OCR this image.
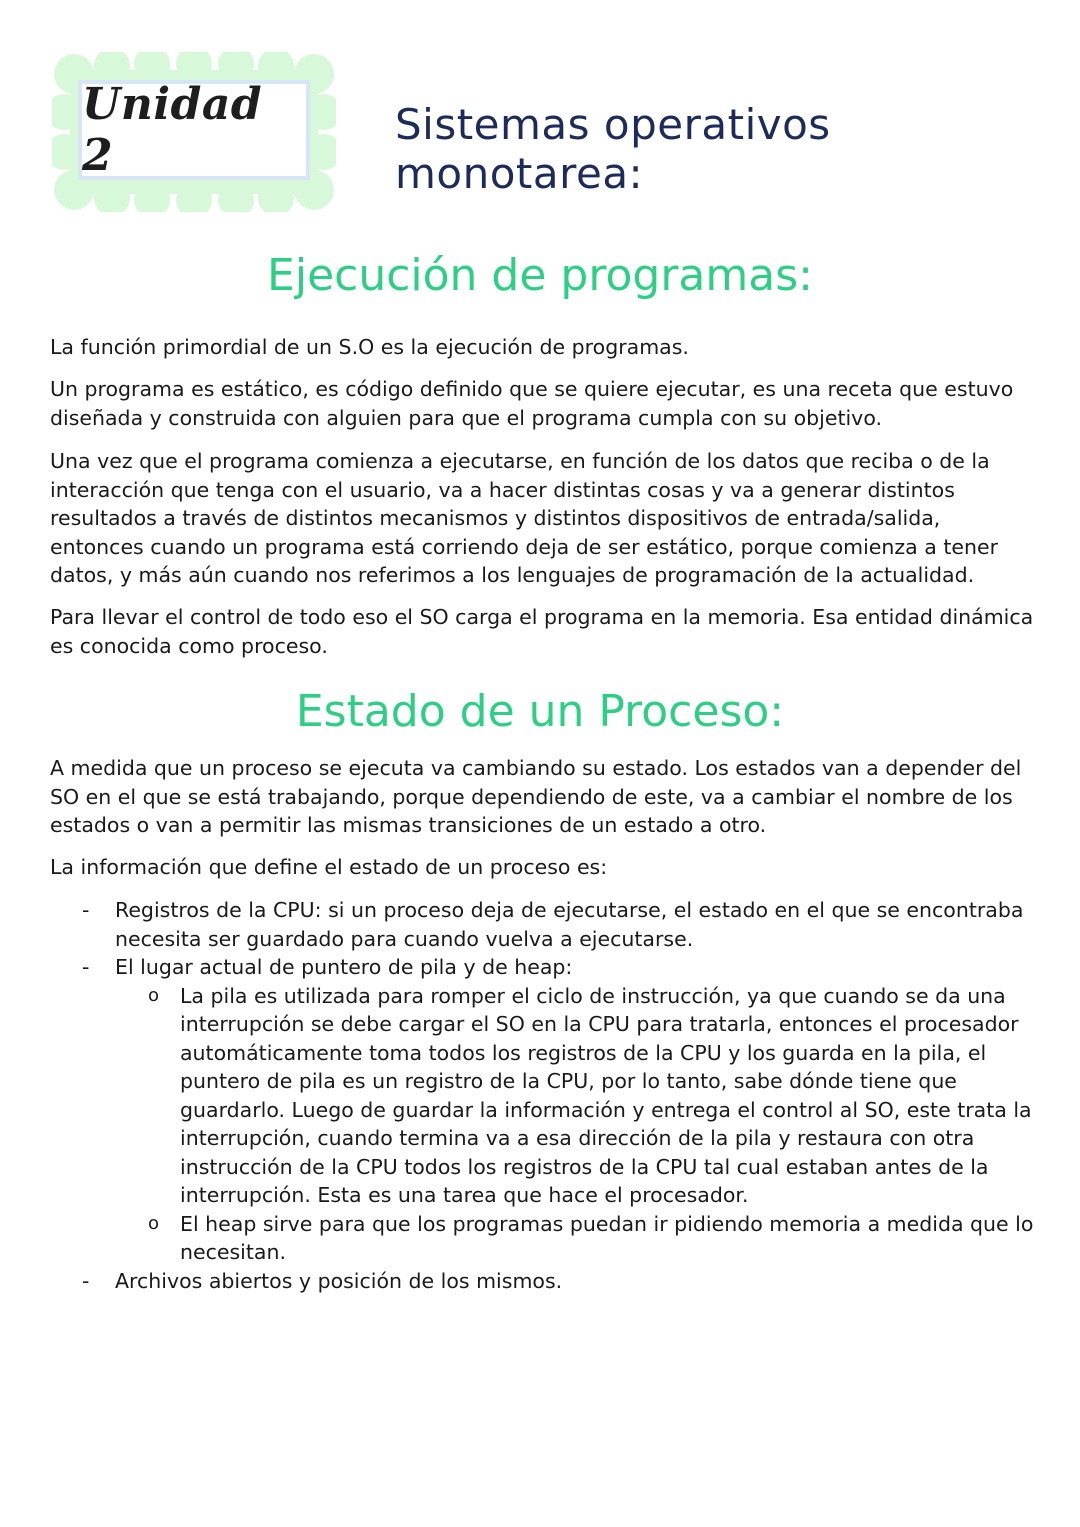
Unidad 2
Sistemas operativos monotarea:
Ejecución de programas:

La función primordial de un S.O es la ejecución de programas.

Un programa es estático, es código definido que se quiere ejecutar, es una receta que estuvo diseñada y construida con alguien para que el programa cumpla con su objetivo.

Una vez que el programa comienza a ejecutarse, en función de los datos que reciba o de la interacción que tenga con el usuario, va a hacer distintas cosas y va a generar distintos resultados a través de distintos mecanismos y distintos dispositivos de entrada/salida, entonces cuando un programa está corriendo deja de ser estático, porque comienza a tener datos, y más aún cuando nos referimos a los lenguajes de programación de la actualidad.

Para llevar el control de todo eso el SO carga el programa en la memoria. Esa entidad dinámica es conocida como proceso.

Estado de un Proceso:

A medida que un proceso se ejecuta va cambiando su estado. Los estados van a depender del SO en el que se está trabajando, porque dependiendo de este, va a cambiar el nombre de los estados o van a permitir las mismas transiciones de un estado a otro.

La información que define el estado de un proceso es:

- Registros de la CPU: si un proceso deja de ejecutarse, el estado en el que se encontraba necesita ser guardado para cuando vuelva a ejecutarse.
- El lugar actual de puntero de pila y de heap:
o La pila es utilizada para romper el ciclo de instrucción, ya que cuando se da una interrupción se debe cargar el SO en la CPU para tratarla, entonces el procesador automáticamente toma todos los registros de la CPU y los guarda en la pila, el puntero de pila es un registro de la CPU, por lo tanto, sabe dónde tiene que guardarlo. Luego de guardar la información y entrega el control al SO, este trata la interrupción, cuando termina va a esa dirección de la pila y restaura con otra instrucción de la CPU todos los registros de la CPU tal cual estaban antes de la interrupción. Esta es una tarea que hace el procesador.
o El heap sirve para que los programas puedan ir pidiendo memoria a medida que lo necesitan.
- Archivos abiertos y posición de los mismos.
